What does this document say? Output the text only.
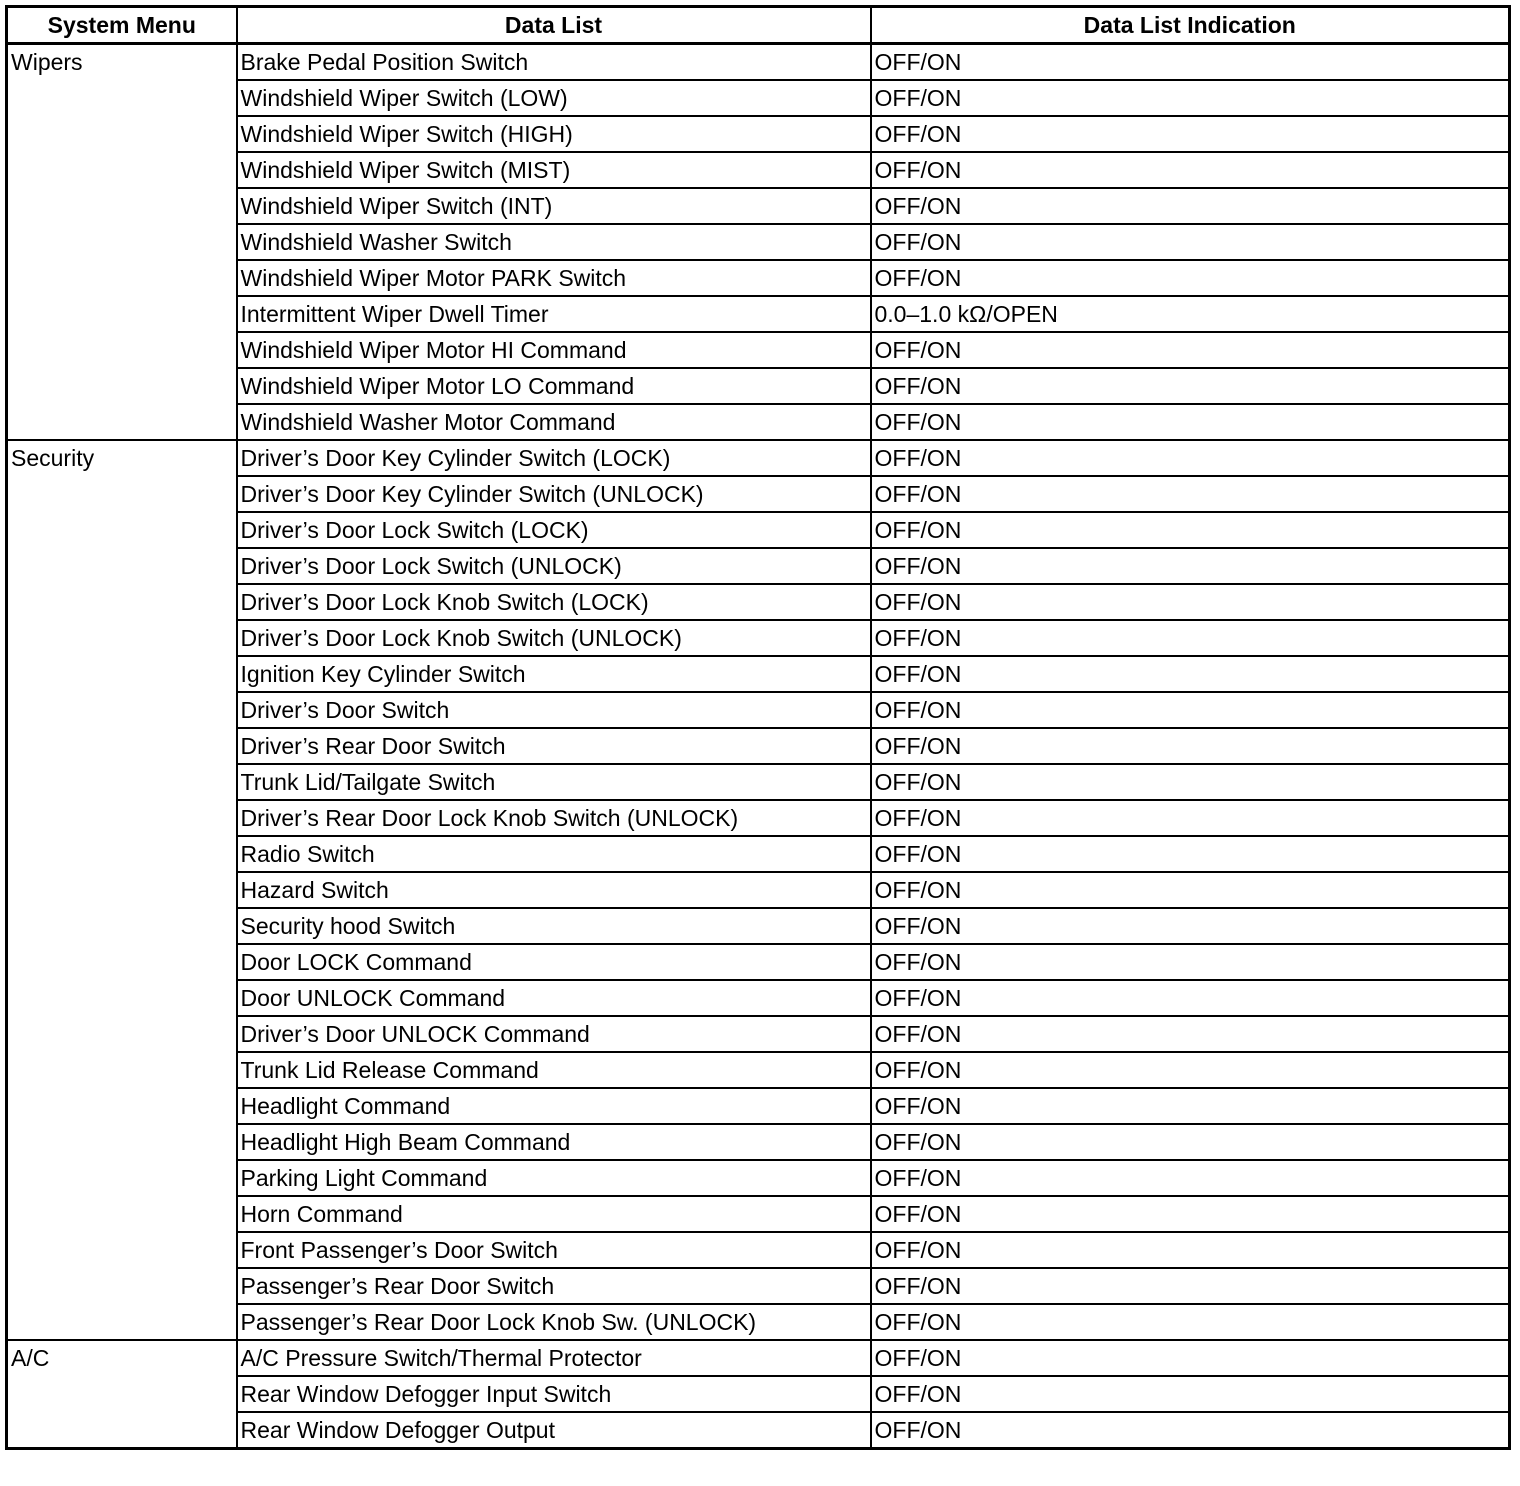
System Menu	Data List	Data List Indication
Wipers	Brake Pedal Position Switch	OFF/ON
	Windshield Wiper Switch (LOW)	OFF/ON
	Windshield Wiper Switch (HIGH)	OFF/ON
	Windshield Wiper Switch (MIST)	OFF/ON
	Windshield Wiper Switch (INT)	OFF/ON
	Windshield Washer Switch	OFF/ON
	Windshield Wiper Motor PARK Switch	OFF/ON
	Intermittent Wiper Dwell Timer	0.0–1.0 kΩ/OPEN
	Windshield Wiper Motor HI Command	OFF/ON
	Windshield Wiper Motor LO Command	OFF/ON
	Windshield Washer Motor Command	OFF/ON
Security	Driver’s Door Key Cylinder Switch (LOCK)	OFF/ON
	Driver’s Door Key Cylinder Switch (UNLOCK)	OFF/ON
	Driver’s Door Lock Switch (LOCK)	OFF/ON
	Driver’s Door Lock Switch (UNLOCK)	OFF/ON
	Driver’s Door Lock Knob Switch (LOCK)	OFF/ON
	Driver’s Door Lock Knob Switch (UNLOCK)	OFF/ON
	Ignition Key Cylinder Switch	OFF/ON
	Driver’s Door Switch	OFF/ON
	Driver’s Rear Door Switch	OFF/ON
	Trunk Lid/Tailgate Switch	OFF/ON
	Driver’s Rear Door Lock Knob Switch (UNLOCK)	OFF/ON
	Radio Switch	OFF/ON
	Hazard Switch	OFF/ON
	Security hood Switch	OFF/ON
	Door LOCK Command	OFF/ON
	Door UNLOCK Command	OFF/ON
	Driver’s Door UNLOCK Command	OFF/ON
	Trunk Lid Release Command	OFF/ON
	Headlight Command	OFF/ON
	Headlight High Beam Command	OFF/ON
	Parking Light Command	OFF/ON
	Horn Command	OFF/ON
	Front Passenger’s Door Switch	OFF/ON
	Passenger’s Rear Door Switch	OFF/ON
	Passenger’s Rear Door Lock Knob Sw. (UNLOCK)	OFF/ON
A/C	A/C Pressure Switch/Thermal Protector	OFF/ON
	Rear Window Defogger Input Switch	OFF/ON
	Rear Window Defogger Output	OFF/ON
